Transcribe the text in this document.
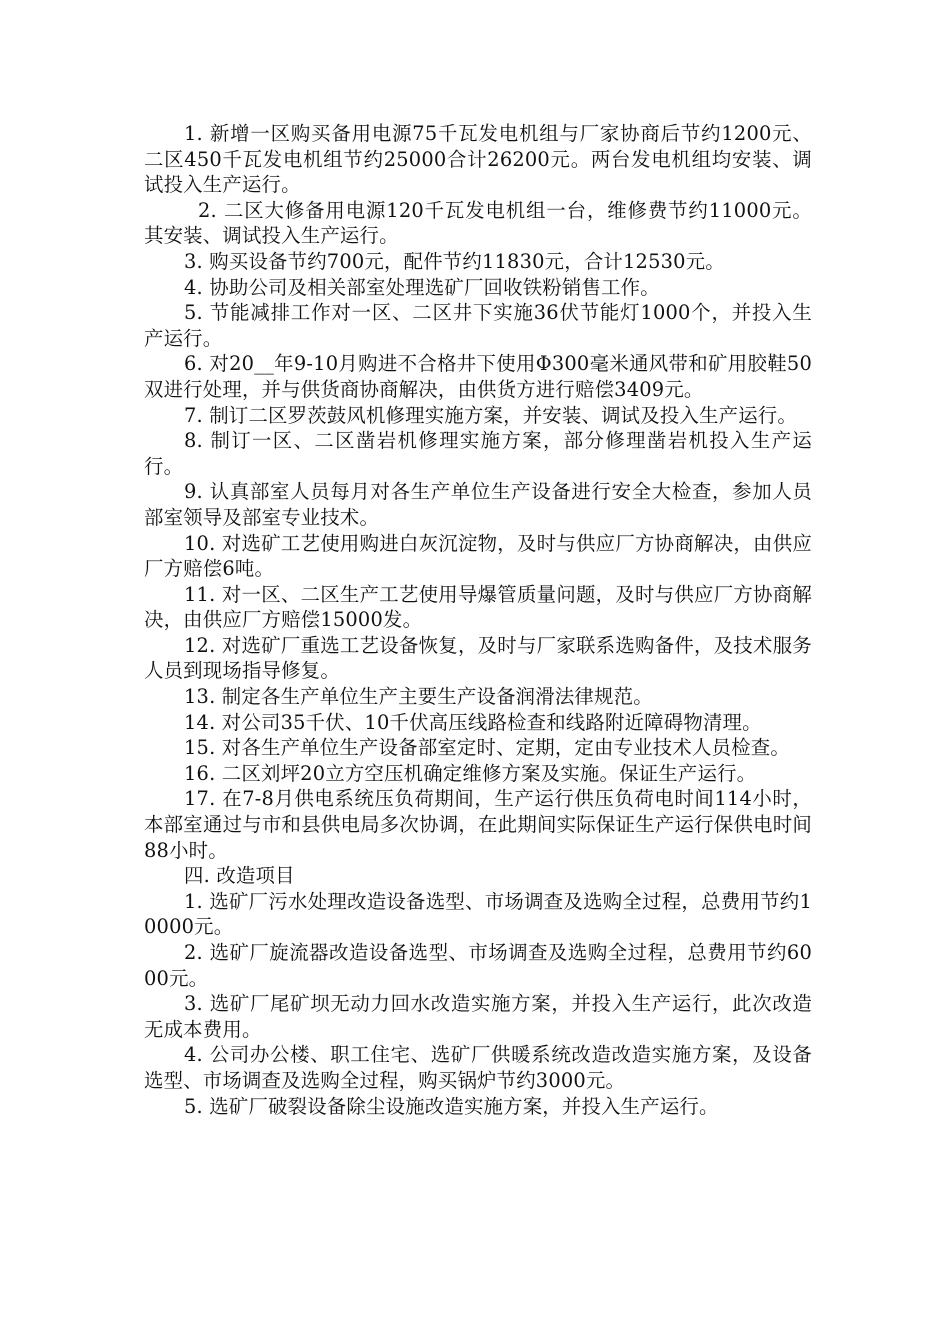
1. 新增一区购买备用电源75千瓦发电机组与厂家协商后节约1200元、二区450千瓦发电机组节约25000合计26200元。两台发电机组均安装、调试投入生产运行。

2. 二区大修备用电源120千瓦发电机组一台，维修费节约11000元。其安装、调试投入生产运行。

3. 购买设备节约700元，配件节约11830元，合计12530元。

4. 协助公司及相关部室处理选矿厂回收铁粉销售工作。

5. 节能减排工作对一区、二区井下实施36伏节能灯1000个，并投入生产运行。

6. 对20__年9-10月购进不合格井下使用Φ300毫米通风带和矿用胶鞋50双进行处理，并与供货商协商解决，由供货方进行赔偿3409元。

7. 制订二区罗茨鼓风机修理实施方案，并安装、调试及投入生产运行。

8. 制订一区、二区凿岩机修理实施方案，部分修理凿岩机投入生产运行。

9. 认真部室人员每月对各生产单位生产设备进行安全大检查，参加人员部室领导及部室专业技术。

10. 对选矿工艺使用购进白灰沉淀物，及时与供应厂方协商解决，由供应厂方赔偿6吨。

11. 对一区、二区生产工艺使用导爆管质量问题，及时与供应厂方协商解决，由供应厂方赔偿15000发。

12. 对选矿厂重选工艺设备恢复，及时与厂家联系选购备件，及技术服务人员到现场指导修复。

13. 制定各生产单位生产主要生产设备润滑法律规范。

14. 对公司35千伏、10千伏高压线路检查和线路附近障碍物清理。

15. 对各生产单位生产设备部室定时、定期，定由专业技术人员检查。

16. 二区刘坪20立方空压机确定维修方案及实施。保证生产运行。

17. 在7-8月供电系统压负荷期间，生产运行供压负荷电时间114小时，本部室通过与市和县供电局多次协调，在此期间实际保证生产运行保供电时间88小时。

四. 改造项目

1. 选矿厂污水处理改造设备选型、市场调查及选购全过程，总费用节约10000元。

2. 选矿厂旋流器改造设备选型、市场调查及选购全过程，总费用节约6000元。

3. 选矿厂尾矿坝无动力回水改造实施方案，并投入生产运行，此次改造无成本费用。

4. 公司办公楼、职工住宅、选矿厂供暖系统改造改造实施方案，及设备选型、市场调查及选购全过程，购买锅炉节约3000元。

5. 选矿厂破裂设备除尘设施改造实施方案，并投入生产运行。
